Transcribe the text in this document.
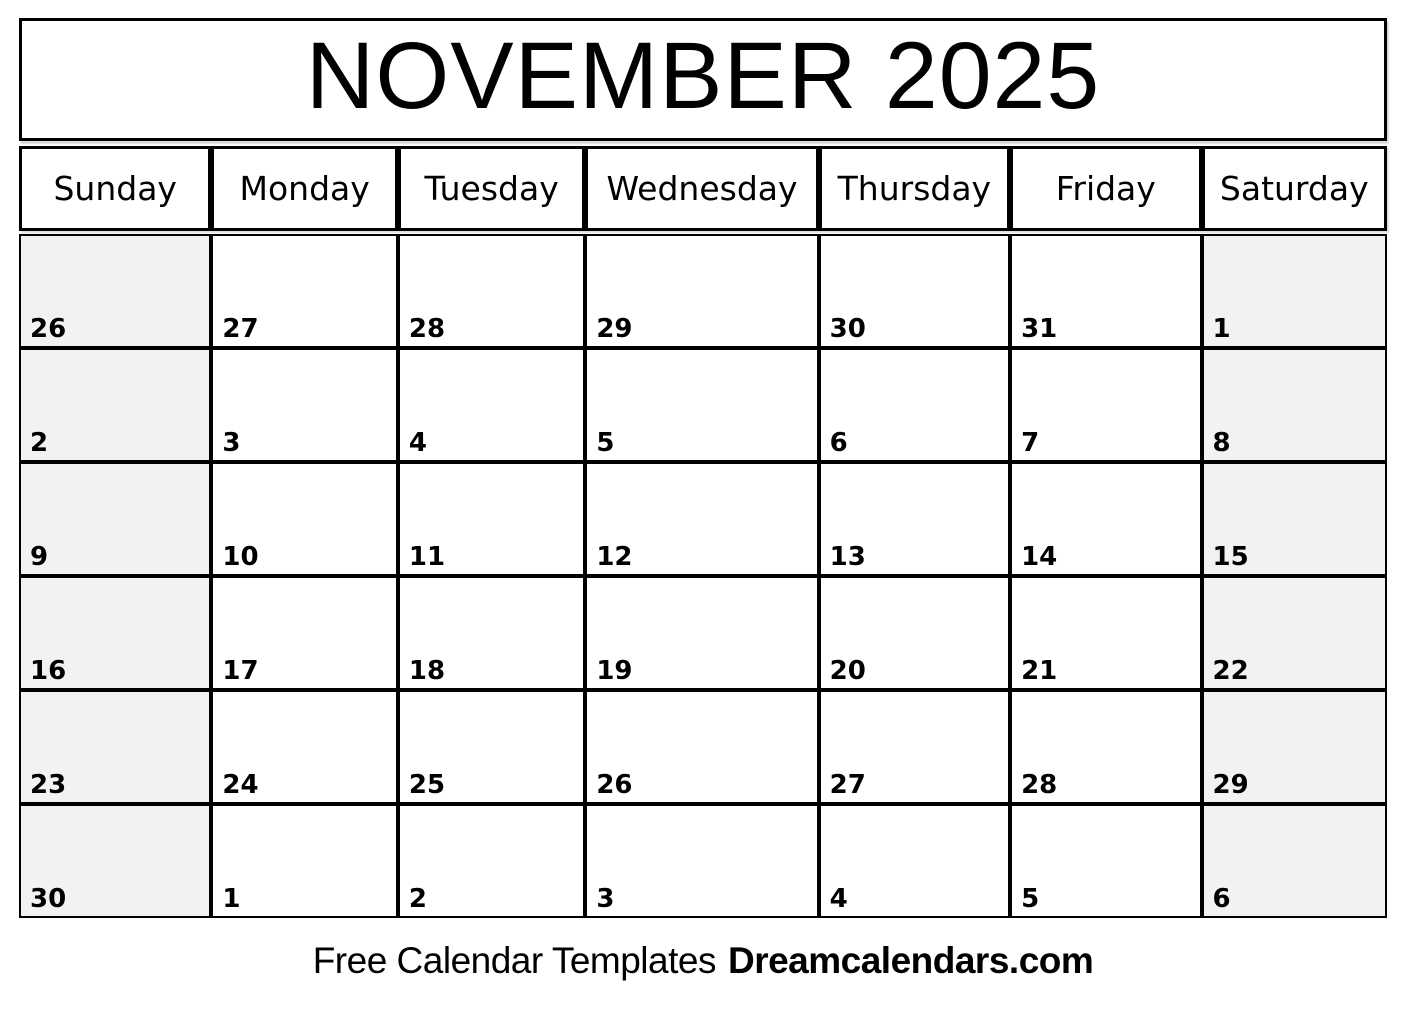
NOVEMBER 2025
Sunday	Monday	Tuesday	Wednesday	Thursday	Friday	Saturday
26	27	28	29	30	31	1
2	3	4	5	6	7	8
9	10	11	12	13	14	15
16	17	18	19	20	21	22
23	24	25	26	27	28	29
30	1	2	3	4	5	6
Free Calendar Templates Dreamcalendars.com
